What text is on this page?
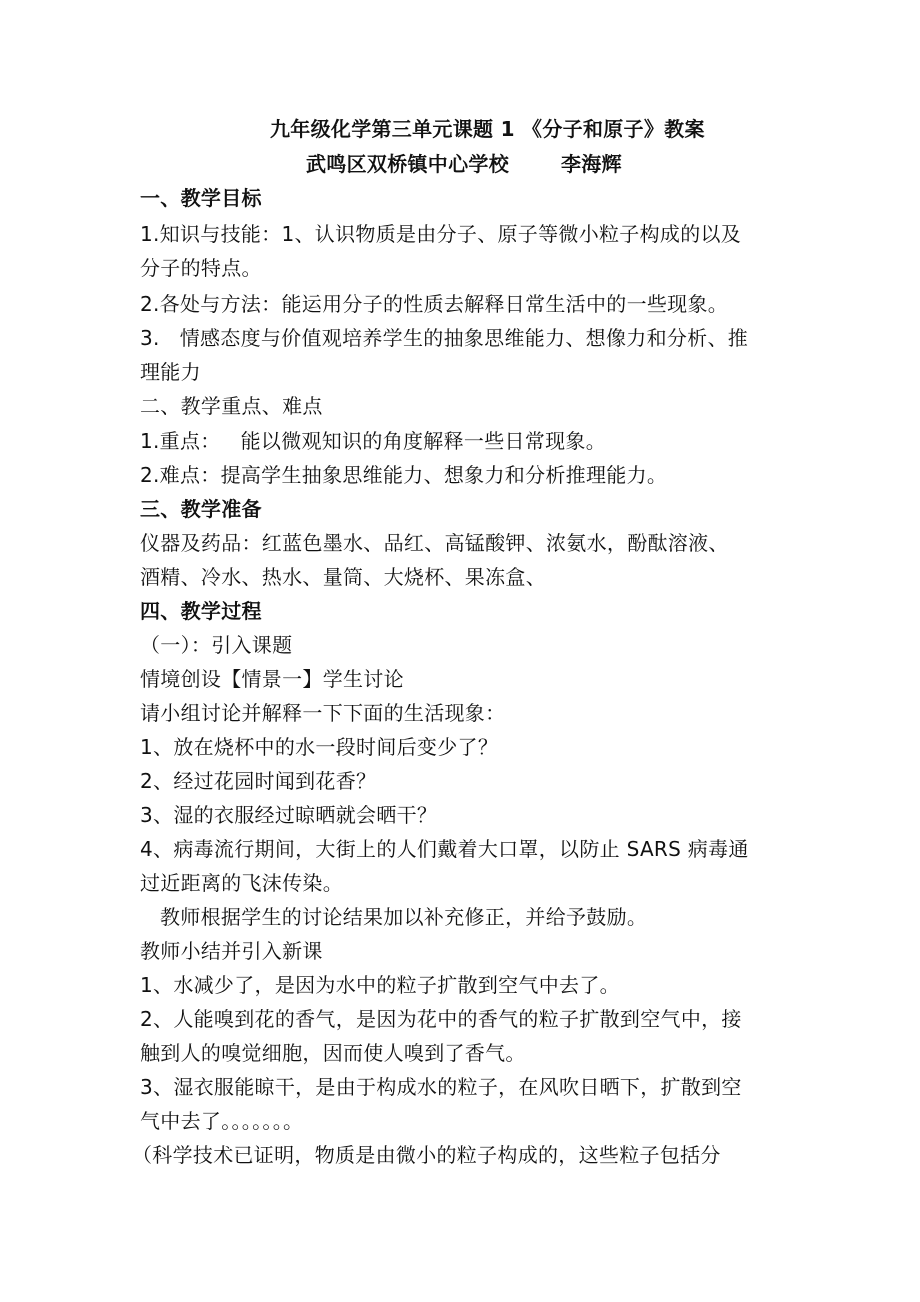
九年级化学第三单元课题 1 《分子和原子》教案
武鸣区双桥镇中心学校	李海辉
一、教学目标
1.知识与技能：1、认识物质是由分子、原子等微小粒子构成的以及
分子的特点。
2.各处与方法：能运用分子的性质去解释日常生活中的一些现象。
3. 情感态度与价值观培养学生的抽象思维能力、想像力和分析、推
理能力
二、教学重点、难点
1.重点： 能以微观知识的角度解释一些日常现象。
2.难点：提高学生抽象思维能力、想象力和分析推理能力。
三、教学准备
仪器及药品：红蓝色墨水、品红、高锰酸钾、浓氨水，酚酞溶液、
酒精、冷水、热水、量筒、大烧杯、果冻盒、
四、教学过程
（一）：引入课题
情境创设【情景一】学生讨论
请小组讨论并解释一下下面的生活现象：
1、放在烧杯中的水一段时间后变少了？
2、经过花园时闻到花香？
3、湿的衣服经过晾晒就会晒干？
4、病毒流行期间，大街上的人们戴着大口罩，以防止 SARS 病毒通
过近距离的飞沫传染。
教师根据学生的讨论结果加以补充修正，并给予鼓励。
教师小结并引入新课
1、水减少了，是因为水中的粒子扩散到空气中去了。
2、人能嗅到花的香气，是因为花中的香气的粒子扩散到空气中，接
触到人的嗅觉细胞，因而使人嗅到了香气。
3、湿衣服能晾干，是由于构成水的粒子，在风吹日晒下，扩散到空
气中去了。。。。。。。
（科学技术已证明，物质是由微小的粒子构成的，这些粒子包括分
